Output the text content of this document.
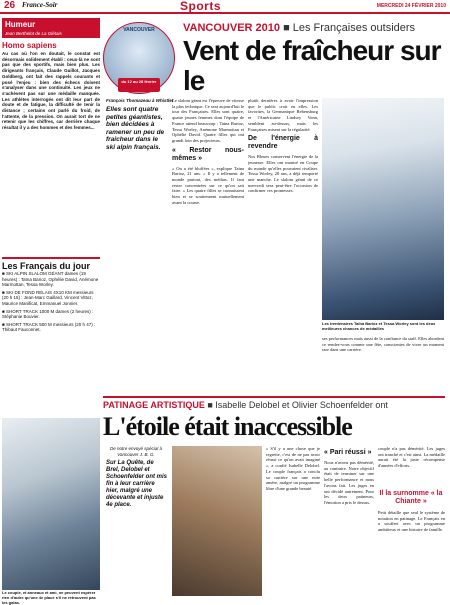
26 France-Soir	Sports	MERCREDI 24 FÉVRIER 2010
Humeur
Jean Berthelot de La Glétais
Homo sapiens
Au cas où l'on en doutait, le constat est désormais solidement établi : ceux-là ne sont pas que des sportifs, mais bien plus. Les dirigeants français, Claude Guillot, Jacques Goldberg, ont fait des rappels courants et posé l'enjeu : bien des échecs doivent s'analyser dans une continuité. Les jeux ne s'achèvent pas sur une médaille manquée. Les athlètes interrogés ont dit leur part de doute et de fatigue, la difficulté de tenir la distance ; certains ont parlé du froid, de l'attente, de la pression. On aurait tort de ne retenir que les chiffres, car derrière chaque résultat il y a des hommes et des femmes...
Les Français du jour
■ SKI ALPIN SLALOM GÉANT dames (19 heures) : Taïna Barioz, Ophélie David, Anémone Marmottan, Tessa Worley.
■ SKI DE FOND RELAIS 4X10 KM messieurs (20 h 15) : Jean-Marc Gaillard, Vincent Vittoz, Maurice Manificat, Emmanuel Jonnier.
■ SHORT TRACK 1000 M dames (2 heures) : Stéphanie Bouvier.
■ SHORT TRACK 500 M messieurs (20 h 47) : Thibaut Fauconnet.
Le couple, et anneaux et ami, ne peuvent espérer rien d'autre qu'une 4e place s'il ne retrouvent pas les galas.
VANCOUVER
du 12 au 28 février
VANCOUVER 2010 ■ Les Françaises outsiders
Vent de fraîcheur sur le
François Thomazeau à Whistler
Elles sont quatre petites géantistes, bien décidées à ramener un peu de fraîcheur dans le ski alpin français.

Le slalom géant est l'épreuve de vitesse la plus technique. Ce sera aujourd'hui le tour des Françaises. Elles sont quatre, quatre jeunes femmes dont l'équipe de France attend beaucoup : Taïna Barioz, Tessa Worley, Anémone Marmottan et Ophélie David. Quatre filles qui ont grandi loin des projecteurs.

« Restor nous-mêmes »

« On a été bluffées », explique Taïna Barioz, 21 ans. « Il y a tellement de monde partout, des médias. Il faut rester concentrées sur ce qu'on sait faire. » Les quatre filles se connaissent bien et se soutiennent mutuellement avant la course.

plutôt dernières à avoir l'impression que le public croit en elles. Les favorites, la Germanique Rebensburg et l'Américaine Lindsey Vonn, semblent au-dessus, mais les Françaises misent sur la régularité.

De l'énergie à revendre

Nos Bleues conservent l'énergie de la jeunesse. Elles ont montré en Coupe du monde qu'elles pouvaient rivaliser. Tessa Worley, 20 ans, a déjà remporté une manche. Le slalom géant de ce mercredi sera peut-être l'occasion de confirmer ces promesses.

Les trentenaires Taïna Barioz et Tessa Worley sont les deux meilleures chances de médailles

ses performances mais aussi de la confiance du staff. Elles abordent ce rendez-vous comme une fête, conscientes de vivre un moment rare dans une carrière.

PATINAGE ARTISTIQUE ■ Isabelle Delobel et Olivier Schoenfelder ont
L'étoile était inaccessible
De notre envoyé spécial à Vancouver J. B. G.
Sur La Quête, de Brel, Delobel et Schoenfelder ont mis fin à leur carrière hier, malgré une décevante et injuste 4e place.

« S'il y a une chose que je regrette, c'est de ne pas avoir réussi ce qu'on avait imaginé », a confié Isabelle Delobel. Le couple français a conclu sa carrière sur une note amère, malgré un programme libre d'une grande beauté.

« Pari réussi »

Nous n'avons pas démérité, au contraire. Notre objectif était de terminer sur une belle performance et nous l'avons fait. Les juges en ont décidé autrement. Pour les deux patineurs, l'émotion a pris le dessus.

couple n'a pas démérité. Les juges ont tranché et c'est ainsi. La médaille aurait été la juste récompense d'années d'efforts.

Il la surnomme « la Chiante »

Petit détaille que seul le système de notation en patinage. Le Français en a souffert avec un programme ambitieux et une histoire de famille.
